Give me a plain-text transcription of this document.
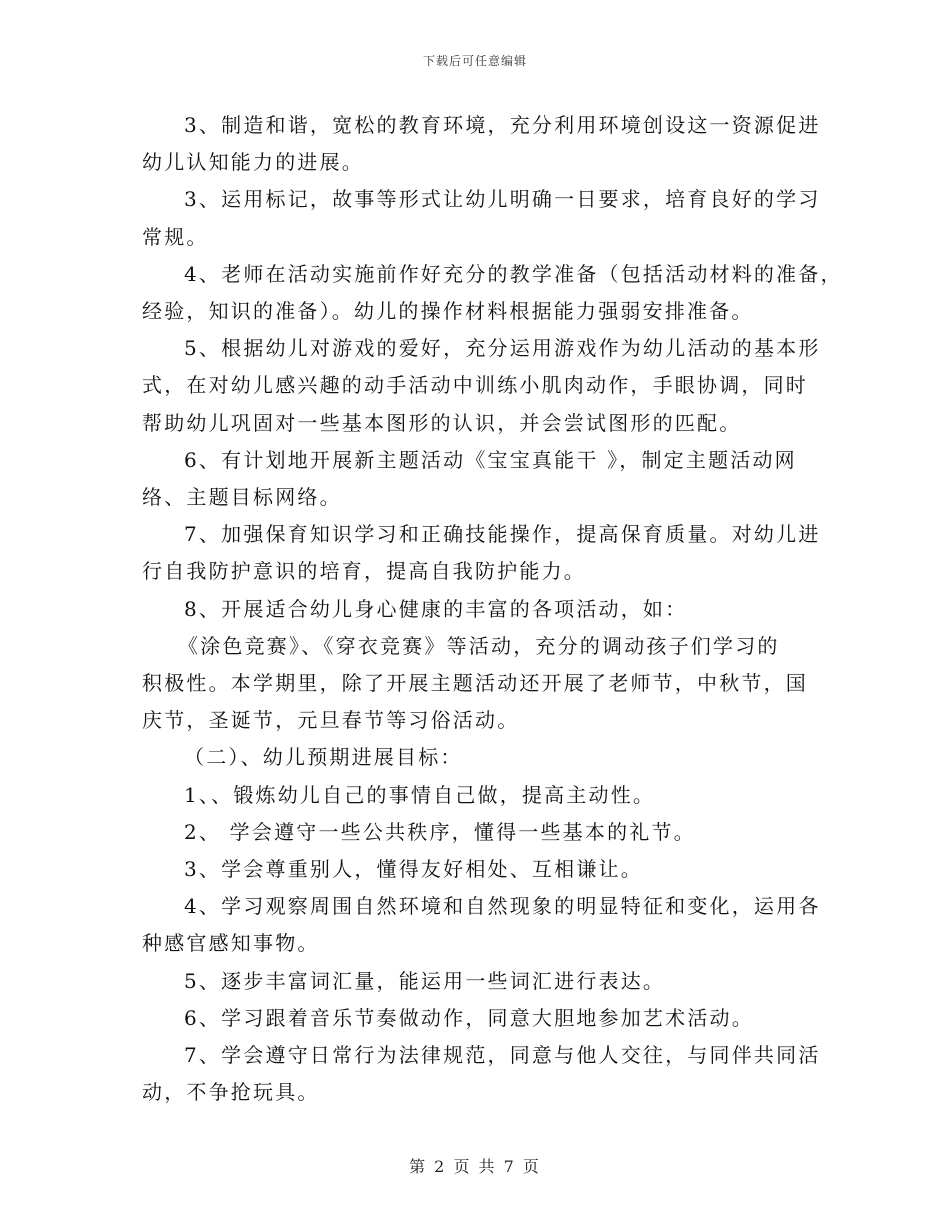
下载后可任意编辑
3、制造和谐，宽松的教育环境，充分利用环境创设这一资源促进
幼儿认知能力的进展。
3、运用标记，故事等形式让幼儿明确一日要求，培育良好的学习
常规。
4、老师在活动实施前作好充分的教学准备（包括活动材料的准备，
经验，知识的准备）。幼儿的操作材料根据能力强弱安排准备。
5、根据幼儿对游戏的爱好，充分运用游戏作为幼儿活动的基本形
式，在对幼儿感兴趣的动手活动中训练小肌肉动作，手眼协调，同时
帮助幼儿巩固对一些基本图形的认识，并会尝试图形的匹配。
6、有计划地开展新主题活动《宝宝真能干 》，制定主题活动网
络、主题目标网络。
7、加强保育知识学习和正确技能操作，提高保育质量。对幼儿进
行自我防护意识的培育，提高自我防护能力。
8、开展适合幼儿身心健康的丰富的各项活动，如：
《涂色竞赛》、《穿衣竞赛》等活动，充分的调动孩子们学习的
积极性。本学期里，除了开展主题活动还开展了老师节，中秋节，国
庆节，圣诞节，元旦春节等习俗活动。
（二）、幼儿预期进展目标：
1、、锻炼幼儿自己的事情自己做，提高主动性。
2、 学会遵守一些公共秩序，懂得一些基本的礼节。
3、学会尊重别人，懂得友好相处、互相谦让。
4、学习观察周围自然环境和自然现象的明显特征和变化，运用各
种感官感知事物。
5、逐步丰富词汇量，能运用一些词汇进行表达。
6、学习跟着音乐节奏做动作，同意大胆地参加艺术活动。
7、学会遵守日常行为法律规范，同意与他人交往，与同伴共同活
动，不争抢玩具。
第 2 页 共 7 页
